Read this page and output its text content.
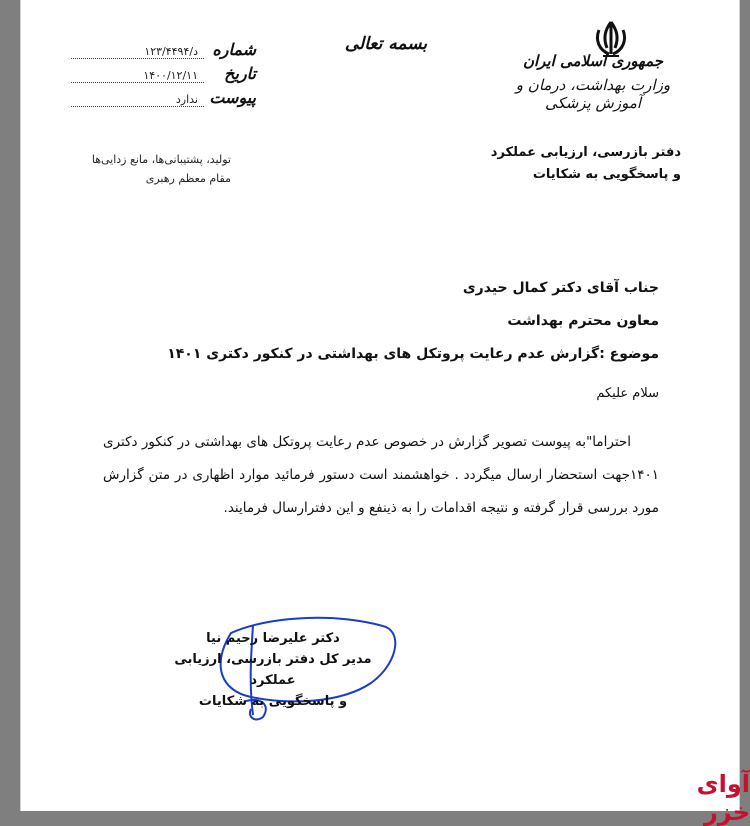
جمهوری اسلامی ایران
وزارت بهداشت، درمان و آموزش پزشکی
دفتر بازرسی، ارزیابی عملکرد
و پاسخگویی به شکایات
بسمه تعالی
شماره
د/۱۲۳/۴۴۹۴
تاریخ
۱۴۰۰/۱۲/۱۱
پیوست
ندارد
تولید، پشتیبانی‌ها، مانع زدایی‌ها
مقام معظم رهبری
جناب آقای دکتر کمال حیدری
معاون محترم بهداشت
موضوع :گزارش عدم رعایت پروتکل های بهداشتی در کنکور دکتری ۱۴۰۱
سلام علیکم
احتراما"به پیوست تصویر گزارش در خصوص عدم رعایت پروتکل های بهداشتی در کنکور دکتری ۱۴۰۱جهت استحضار ارسال میگردد . خواهشمند است دستور فرمائید موارد اظهاری در متن گزارش مورد بررسی قرار گرفته و نتیجه اقدامات را به ذینفع و این دفترارسال فرمایند.
دکتر علیرضا رحیم نیا
مدیر کل دفتر بازرسی، ارزیابی عملکرد
و پاسخگویی به شکایات
آوای خزر
